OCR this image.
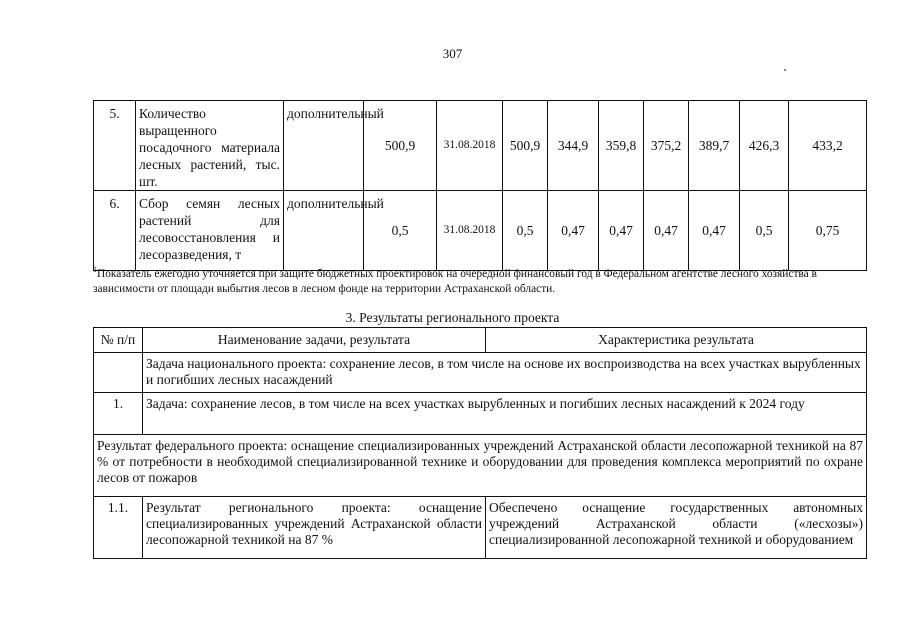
307
5.	Количество выращенного посадочного материала лесных растений, тыс. шт.	дополнительный	500,9	31.08.2018	500,9	344,9	359,8	375,2	389,7	426,3	433,2
6.	Сбор семян лесных растений для лесовосстановления и лесоразведения, т	дополнительный	0,5	31.08.2018	0,5	0,47	0,47	0,47	0,47	0,5	0,75
$^1$Показатель ежегодно уточняется при защите бюджетных проектировок на очередной финансовый год в Федеральном агентстве лесного хозяйства в зависимости от площади выбытия лесов в лесном фонде на территории Астраханской области.
3. Результаты регионального проекта
№ п/п	Наименование задачи, результата	Характеристика результата
	Задача национального проекта: сохранение лесов, в том числе на основе их воспроизводства на всех участках вырубленных и погибших лесных насаждений	
1.	Задача: сохранение лесов, в том числе на всех участках вырубленных и погибших лесных насаждений к 2024 году	
Результат федерального проекта: оснащение специализированных учреждений Астраханской области лесопожарной техникой на 87 % от потребности в необходимой специализированной технике и оборудовании для проведения комплекса мероприятий по охране лесов от пожаров		
1.1.	Результат регионального проекта: оснащение специализированных учреждений Астраханской области лесопожарной техникой на 87 %	Обеспечено оснащение государственных автономных учреждений Астраханской области («лесхозы») специализированной лесопожарной техникой и оборудованием
